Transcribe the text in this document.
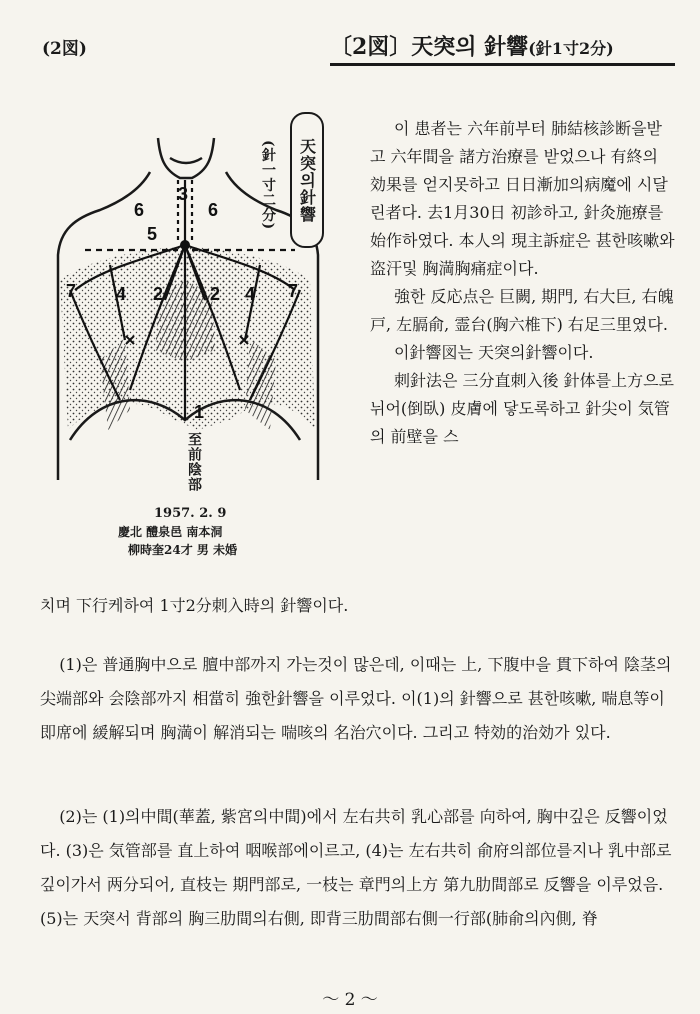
(2図)	〔2図〕天突의 針響(針1寸2分)
1
2	2
3
4	4
5
6	6
7	7
天突의針響
(針一寸二分)
至前陰部
1957. 2. 9
慶北 醴泉邑 南本洞
柳時奎24才 男 未婚

이 患者는 六年前부터 肺結核診断을받고 六年間을 諸方治療를 받었으나 有終의 効果를 얻지못하고 日日漸加의病魔에 시달린者다. 去1月30日 初診하고, 針灸施療를 始作하였다. 本人의 現主訴症은 甚한咳嗽와 盗汗및 胸満胸痛症이다.

強한 反応点은 巨闕, 期門, 右大巨, 右魄戸, 左膈俞, 霊台(胸六椎下) 右足三里였다.

이針響図는 天突의針響이다.

刺針法은 三分直刺入後 針体를上方으로 뉘어(倒臥) 皮膚에 닿도록하고 針尖이 気管의 前壁을 스

치며 下行케하여 1寸2分刺入時의 針響이다.

(1)은 普通胸中으로 膻中部까지 가는것이 많은데, 이때는 上, 下腹中을 貫下하여 陰茎의 尖端部와 会陰部까지 相當히 強한針響을 이루었다. 이(1)의 針響으로 甚한咳嗽, 喘息等이 即席에 緩解되며 胸満이 解消되는 喘咳의 名治穴이다. 그리고 特効的治効가 있다.

(2)는 (1)의中間(華蓋, 紫宮의中間)에서 左右共히 乳心部를 向하여, 胸中깊은 反響이었다. (3)은 気管部를 直上하여 咽喉部에이르고, (4)는 左右共히 俞府의部位를지나 乳中部로 깊이가서 两分되어, 直枝는 期門部로, 一枝는 章門의上方 第九肋間部로 反響을 이루었음. (5)는 天突서 背部의 胸三肋間의右側, 即背三肋間部右側一行部(肺俞의內側, 脊

～ 2 ～
